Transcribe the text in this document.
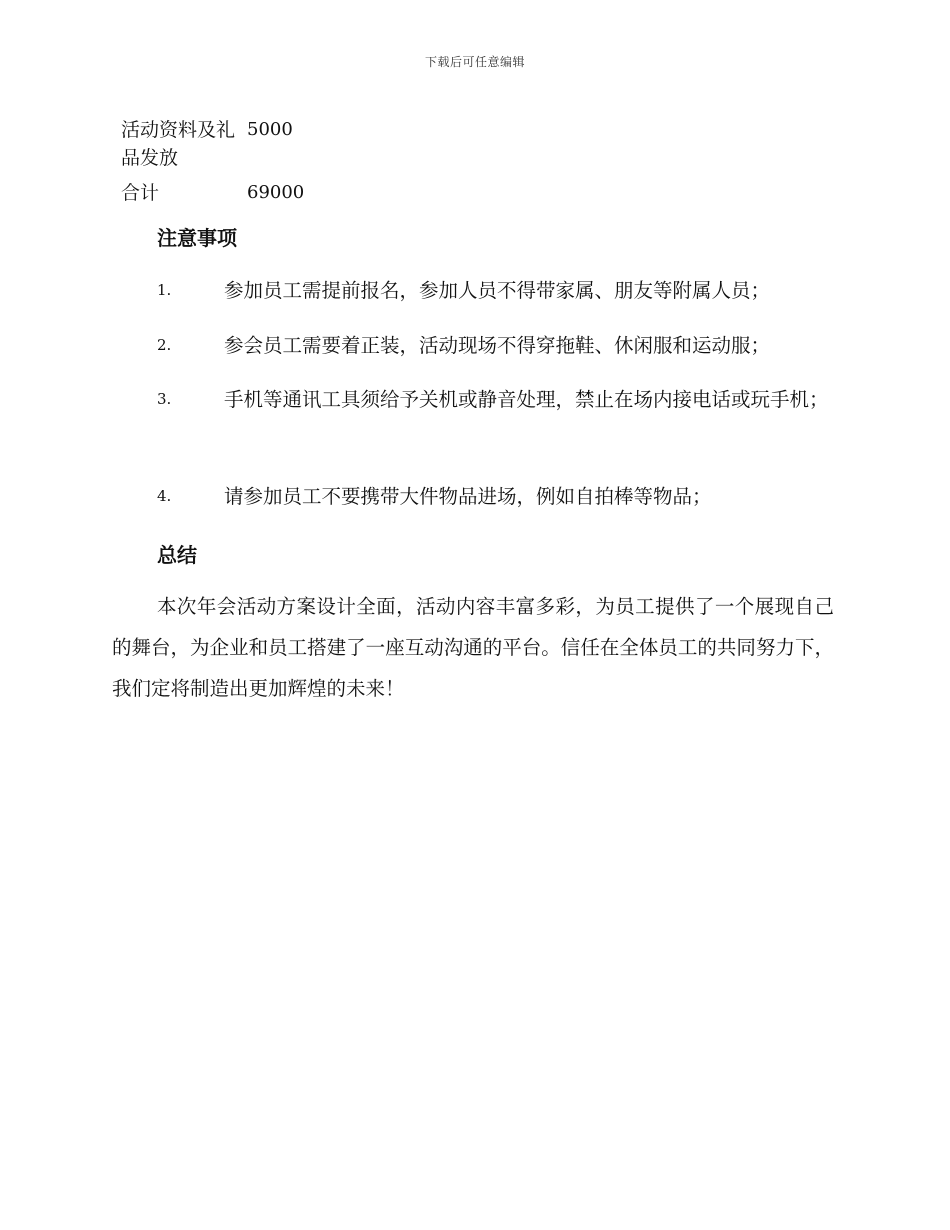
下载后可任意编辑
活动资料及礼品发放	5000
合计	69000
注意事项
1.	参加员工需提前报名，参加人员不得带家属、朋友等附属人员；
2.	参会员工需要着正装，活动现场不得穿拖鞋、休闲服和运动服；
3.	手机等通讯工具须给予关机或静音处理，禁止在场内接电话或玩手机；
4.	请参加员工不要携带大件物品进场，例如自拍棒等物品；
总结
本次年会活动方案设计全面，活动内容丰富多彩，为员工提供了一个展现自己的舞台，为企业和员工搭建了一座互动沟通的平台。信任在全体员工的共同努力下，我们定将制造出更加辉煌的未来！
